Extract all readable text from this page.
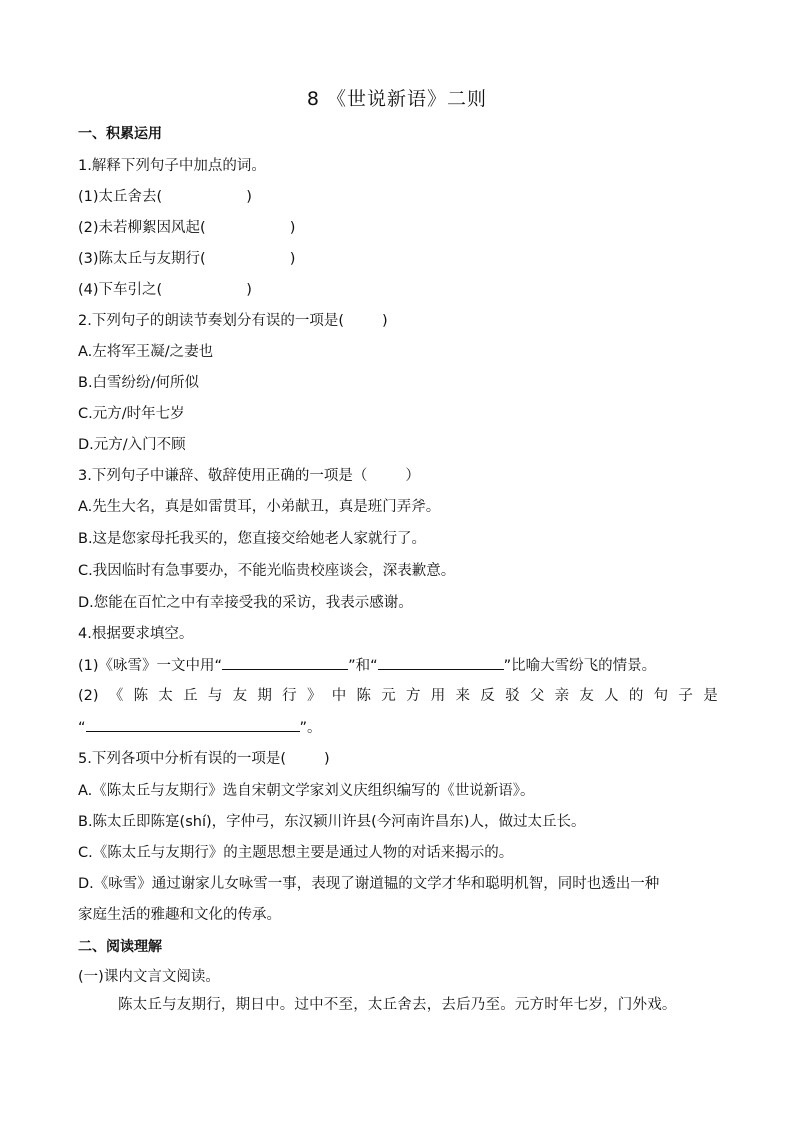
8 《世说新语》二则
一、积累运用
1.解释下列句子中加点的词。
(1)太丘舍去(	)
(2)未若柳絮因风起(	)
(3)陈太丘与友期行(	)
(4)下车引之(	)
2.下列句子的朗读节奏划分有误的一项是(	)
A.左将军王凝/之妻也
B.白雪纷纷/何所似
C.元方/时年七岁
D.元方/入门不顾
3.下列句子中谦辞、敬辞使用正确的一项是（	）
A.先生大名，真是如雷贯耳，小弟献丑，真是班门弄斧。
B.这是您家母托我买的，您直接交给她老人家就行了。
C.我因临时有急事要办，不能光临贵校座谈会，深表歉意。
D.您能在百忙之中有幸接受我的采访，我表示感谢。
4.根据要求填空。
(1)《咏雪》一文中用“	”和“	”比喻大雪纷飞的情景。
(2) 《 陈 太 丘 与 友 期 行 》 中 陈 元 方 用 来 反 驳 父 亲 友 人 的 句 子 是
“	”。
5.下列各项中分析有误的一项是(	)
A.《陈太丘与友期行》选自宋朝文学家刘义庆组织编写的《世说新语》。
B.陈太丘即陈寔(shí)，字仲弓，东汉颍川许县(今河南许昌东)人，做过太丘长。
C.《陈太丘与友期行》的主题思想主要是通过人物的对话来揭示的。
D.《咏雪》通过谢家儿女咏雪一事，表现了谢道韫的文学才华和聪明机智，同时也透出一种
家庭生活的雅趣和文化的传承。
二、阅读理解
(一)课内文言文阅读。
陈太丘与友期行，期日中。过中不至，太丘舍去，去后乃至。元方时年七岁，门外戏。
